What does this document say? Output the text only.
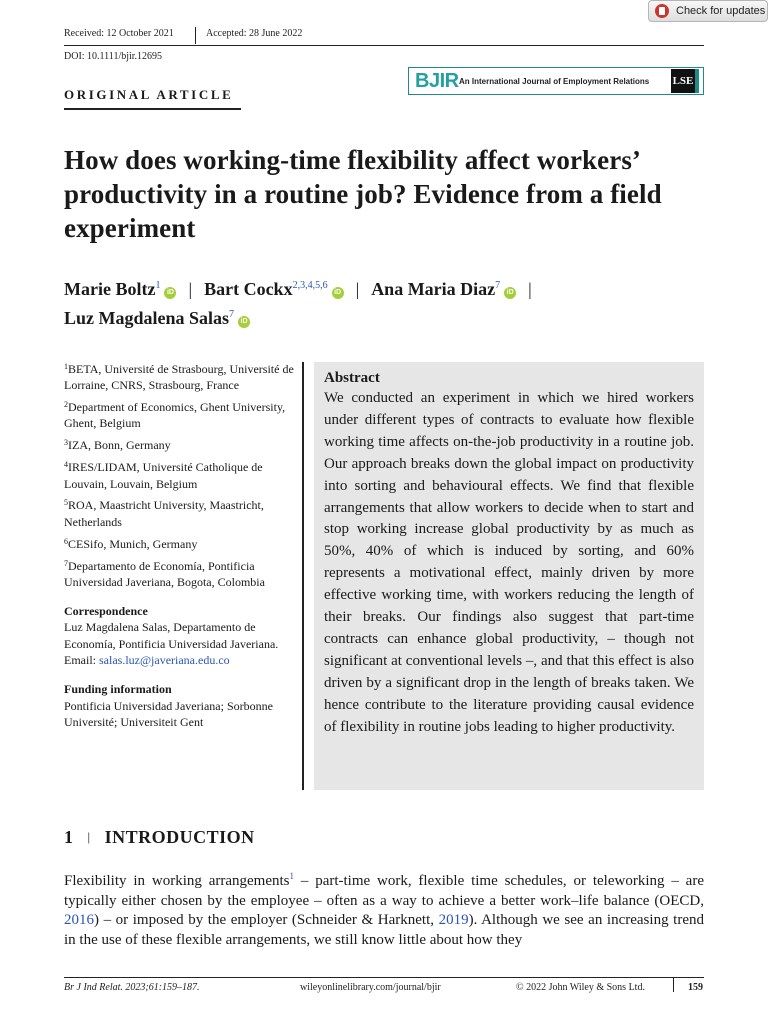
Check for updates
Received: 12 October 2021	Accepted: 28 June 2022
DOI: 10.1111/bjir.12695
BJIR An International Journal of Employment Relations	LSE
ORIGINAL ARTICLE
How does working-time flexibility affect workers’ productivity in a routine job? Evidence from a field experiment
Marie Boltz$^1$iD | Bart Cockx$^{2,3,4,5,6}$iD | Ana Maria Diaz$^7$iD |
Luz Magdalena Salas$^7$iD
$^1$BETA, Université de Strasbourg, Université de Lorraine, CNRS, Strasbourg, France
$^2$Department of Economics, Ghent University, Ghent, Belgium
$^3$IZA, Bonn, Germany
$^4$IRES/LIDAM, Université Catholique de Louvain, Louvain, Belgium
$^5$ROA, Maastricht University, Maastricht, Netherlands
$^6$CESifo, Munich, Germany
$^7$Departamento de Economía, Pontificia Universidad Javeriana, Bogota, Colombia
Correspondence
Luz Magdalena Salas, Departamento de Economía, Pontificia Universidad Javeriana.
Email: salas.luz@javeriana.edu.co
Funding information
Pontificia Universidad Javeriana; Sorbonne Université; Universiteit Gent
Abstract
We conducted an experiment in which we hired workers under different types of contracts to evaluate how flexible working time affects on-the-job productivity in a routine job. Our approach breaks down the global impact on productivity into sorting and behavioural effects. We find that flexible arrangements that allow workers to decide when to start and stop working increase global productivity by as much as 50%, 40% of which is induced by sorting, and 60% represents a motivational effect, mainly driven by more effective working time, with workers reducing the length of their breaks. Our findings also suggest that part-time contracts can enhance global productivity, – though not significant at conventional levels –, and that this effect is also driven by a significant drop in the length of breaks taken. We hence contribute to the literature providing causal evidence of flexibility in routine jobs leading to higher productivity.
1 | INTRODUCTION
Flexibility in working arrangements$^1$ – part-time work, flexible time schedules, or teleworking – are typically either chosen by the employee – often as a way to achieve a better work–life balance (OECD, 2016) – or imposed by the employer (Schneider & Harknett, 2019). Although we see an increasing trend in the use of these flexible arrangements, we still know little about how they
Br J Ind Relat. 2023;61:159–187.	wileyonlinelibrary.com/journal/bjir	© 2022 John Wiley & Sons Ltd.	159
